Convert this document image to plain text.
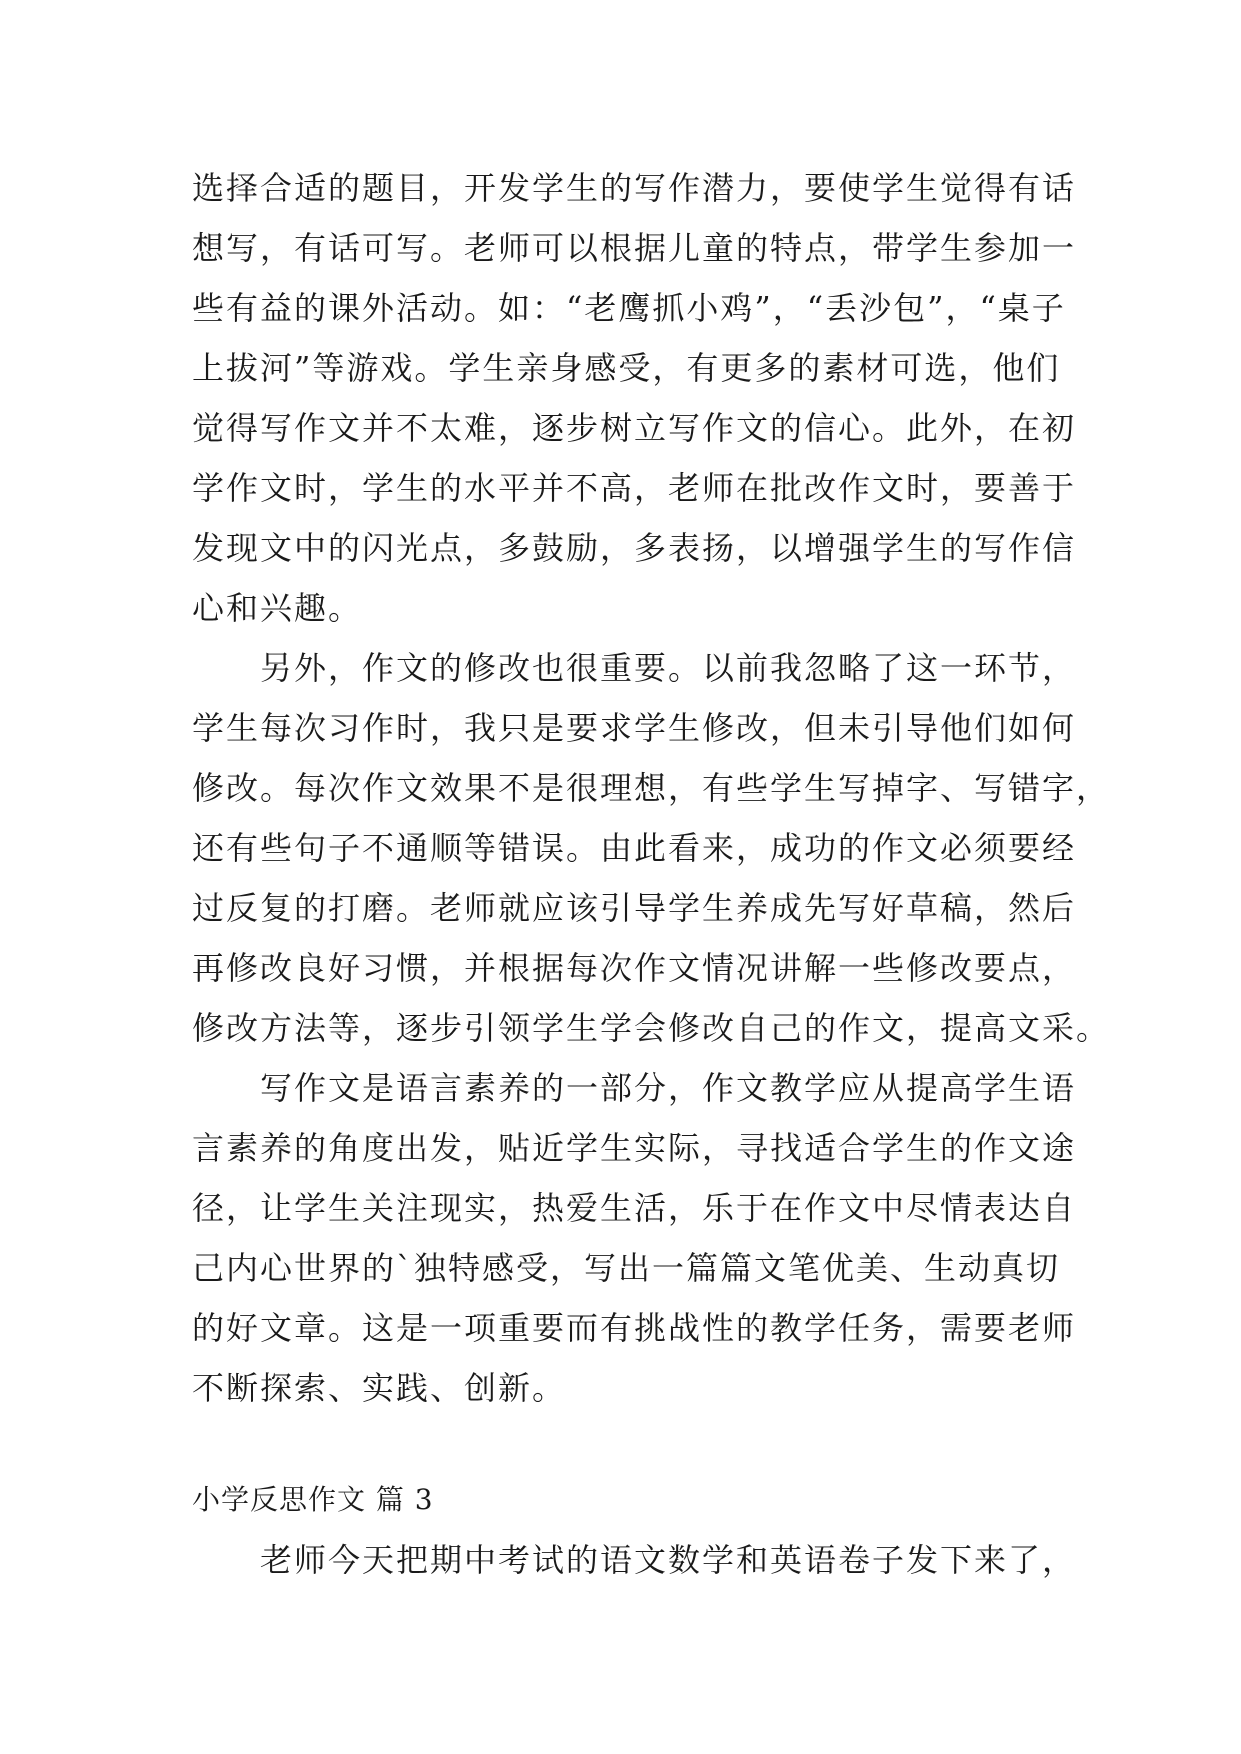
选择合适的题目，开发学生的写作潜力，要使学生觉得有话
想写，有话可写。老师可以根据儿童的特点，带学生参加一
些有益的课外活动。如：“老鹰抓小鸡”，“丢沙包”，“桌子
上拔河”等游戏。学生亲身感受，有更多的素材可选，他们
觉得写作文并不太难，逐步树立写作文的信心。此外，在初
学作文时，学生的水平并不高，老师在批改作文时，要善于
发现文中的闪光点，多鼓励，多表扬，以增强学生的写作信
心和兴趣。
另外，作文的修改也很重要。以前我忽略了这一环节，
学生每次习作时，我只是要求学生修改，但未引导他们如何
修改。每次作文效果不是很理想，有些学生写掉字、写错字，
还有些句子不通顺等错误。由此看来，成功的作文必须要经
过反复的打磨。老师就应该引导学生养成先写好草稿，然后
再修改良好习惯，并根据每次作文情况讲解一些修改要点，
修改方法等，逐步引领学生学会修改自己的作文，提高文采。
写作文是语言素养的一部分，作文教学应从提高学生语
言素养的角度出发，贴近学生实际，寻找适合学生的作文途
径，让学生关注现实，热爱生活，乐于在作文中尽情表达自
己内心世界的`独特感受，写出一篇篇文笔优美、生动真切
的好文章。这是一项重要而有挑战性的教学任务，需要老师
不断探索、实践、创新。
小学反思作文 篇 3
老师今天把期中考试的语文数学和英语卷子发下来了，
